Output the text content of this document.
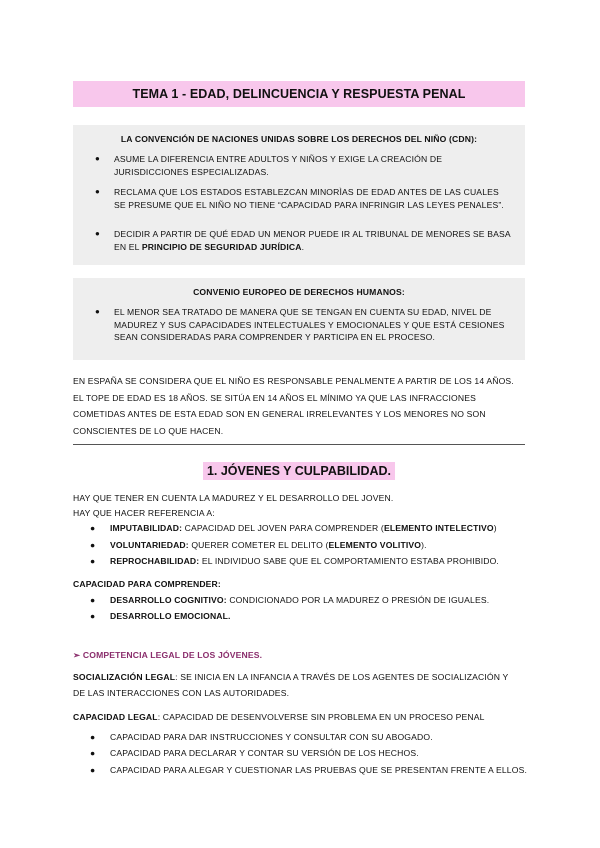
TEMA 1 - EDAD, DELINCUENCIA Y RESPUESTA PENAL
LA CONVENCIÓN DE NACIONES UNIDAS SOBRE LOS DERECHOS DEL NIÑO (CDN):
● ASUME LA DIFERENCIA ENTRE ADULTOS Y NIÑOS Y EXIGE LA CREACIÓN DE JURISDICCIONES ESPECIALIZADAS.
● RECLAMA QUE LOS ESTADOS ESTABLEZCAN MINORÌAS DE EDAD ANTES DE LAS CUALES SE PRESUME QUE EL NIÑO NO TIENE “CAPACIDAD PARA INFRINGIR LAS LEYES PENALES”.
● DECIDIR A PARTIR DE QUÉ EDAD UN MENOR PUEDE IR AL TRIBUNAL DE MENORES SE BASA EN EL PRINCIPIO DE SEGURIDAD JURÍDICA.
CONVENIO EUROPEO DE DERECHOS HUMANOS:
● EL MENOR SEA TRATADO DE MANERA QUE SE TENGAN EN CUENTA SU EDAD, NIVEL DE MADUREZ Y SUS CAPACIDADES INTELECTUALES Y EMOCIONALES Y QUE ESTÁ CESIONES SEAN CONSIDERADAS PARA COMPRENDER Y PARTICIPA EN EL PROCESO.
EN ESPAÑA SE CONSIDERA QUE EL NIÑO ES RESPONSABLE PENALMENTE A PARTIR DE LOS 14 AÑOS. EL TOPE DE EDAD ES 18 AÑOS. SE SITÚA EN 14 AÑOS EL MÍNIMO YA QUE LAS INFRACCIONES COMETIDAS ANTES DE ESTA EDAD SON EN GENERAL IRRELEVANTES Y LOS MENORES NO SON CONSCIENTES DE LO QUE HACEN.
1. JÓVENES Y CULPABILIDAD.
HAY QUE TENER EN CUENTA LA MADUREZ Y EL DESARROLLO DEL JOVEN.
HAY QUE HACER REFERENCIA A:
● IMPUTABILIDAD: CAPACIDAD DEL JOVEN PARA COMPRENDER (ELEMENTO INTELECTIVO)
● VOLUNTARIEDAD: QUERER COMETER EL DELITO (ELEMENTO VOLITIVO).
● REPROCHABILIDAD: EL INDIVIDUO SABE QUE EL COMPORTAMIENTO ESTABA PROHIBIDO.
CAPACIDAD PARA COMPRENDER:
● DESARROLLO COGNITIVO: CONDICIONADO POR LA MADUREZ O PRESIÓN DE IGUALES.
● DESARROLLO EMOCIONAL.
➢ COMPETENCIA LEGAL DE LOS JÓVENES.
SOCIALIZACIÓN LEGAL: SE INICIA EN LA INFANCIA A TRAVÉS DE LOS AGENTES DE SOCIALIZACIÓN Y
DE LAS INTERACCIONES CON LAS AUTORIDADES.
CAPACIDAD LEGAL: CAPACIDAD DE DESENVOLVERSE SIN PROBLEMA EN UN PROCESO PENAL
● CAPACIDAD PARA DAR INSTRUCCIONES Y CONSULTAR CON SU ABOGADO.
● CAPACIDAD PARA DECLARAR Y CONTAR SU VERSIÓN DE LOS HECHOS.
● CAPACIDAD PARA ALEGAR Y CUESTIONAR LAS PRUEBAS QUE SE PRESENTAN FRENTE A ELLOS.
